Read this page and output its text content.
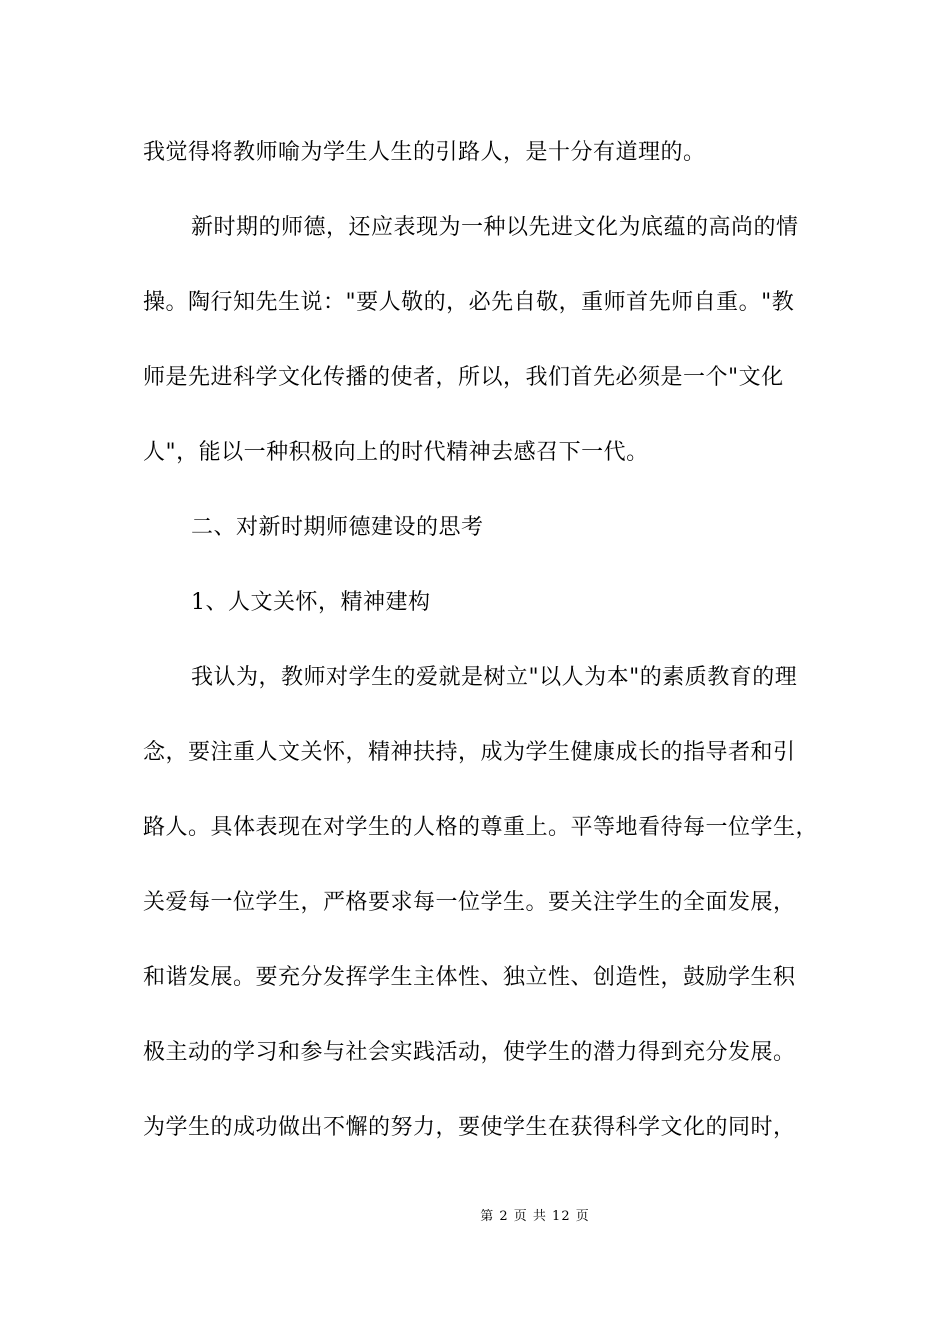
我觉得将教师喻为学生人生的引路人，是十分有道理的。
新时期的师德，还应表现为一种以先进文化为底蕴的高尚的情
操。陶行知先生说："要人敬的，必先自敬，重师首先师自重。"教
师是先进科学文化传播的使者，所以，我们首先必须是一个"文化
人"，能以一种积极向上的时代精神去感召下一代。
二、对新时期师德建设的思考
1、人文关怀，精神建构
我认为，教师对学生的爱就是树立"以人为本"的素质教育的理
念，要注重人文关怀，精神扶持，成为学生健康成长的指导者和引
路人。具体表现在对学生的人格的尊重上。平等地看待每一位学生，
关爱每一位学生，严格要求每一位学生。要关注学生的全面发展，
和谐发展。要充分发挥学生主体性、独立性、创造性，鼓励学生积
极主动的学习和参与社会实践活动，使学生的潜力得到充分发展。
为学生的成功做出不懈的努力，要使学生在获得科学文化的同时，
第 2 页 共 12 页
